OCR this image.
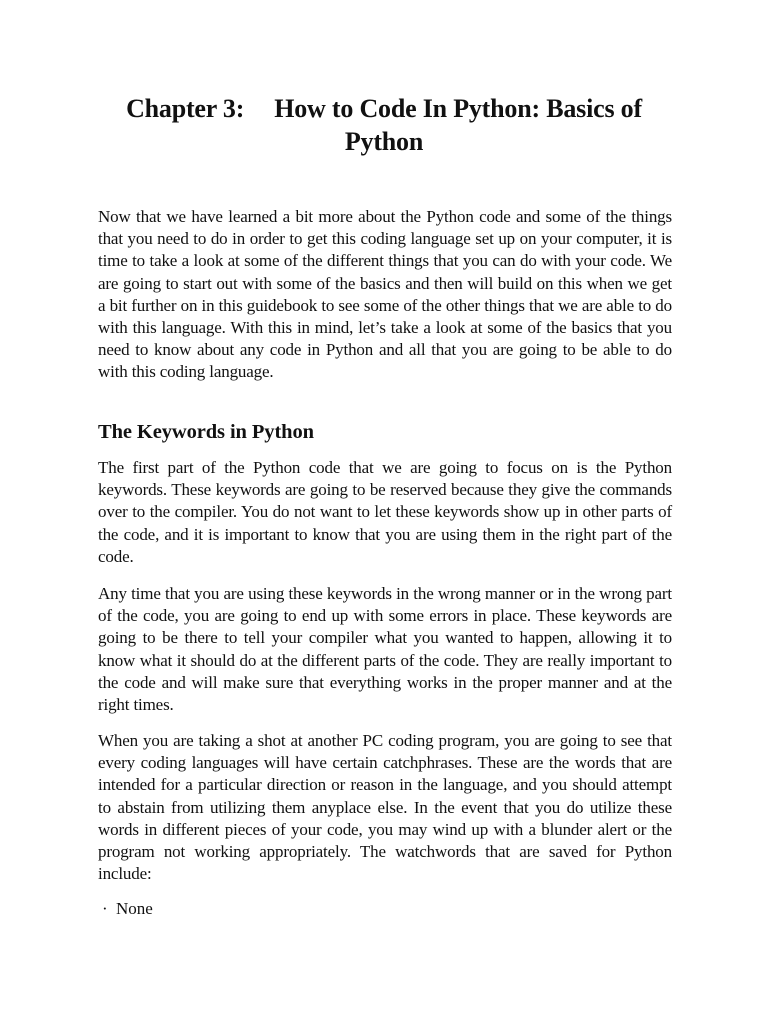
Chapter 3: How to Code In Python: Basics of
Python

Now that we have learned a bit more about the Python code and some of the things that you need to do in order to get this coding language set up on your computer, it is time to take a look at some of the different things that you can do with your code. We are going to start out with some of the basics and then will build on this when we get a bit further on in this guidebook to see some of the other things that we are able to do with this language. With this in mind, let’s take a look at some of the basics that you need to know about any code in Python and all that you are going to be able to do with this coding language.

The Keywords in Python

The first part of the Python code that we are going to focus on is the Python keywords. These keywords are going to be reserved because they give the commands over to the compiler. You do not want to let these keywords show up in other parts of the code, and it is important to know that you are using them in the right part of the code.

Any time that you are using these keywords in the wrong manner or in the wrong part of the code, you are going to end up with some errors in place. These keywords are going to be there to tell your compiler what you wanted to happen, allowing it to know what it should do at the different parts of the code. They are really important to the code and will make sure that everything works in the proper manner and at the right times.

When you are taking a shot at another PC coding program, you are going to see that every coding languages will have certain catchphrases. These are the words that are intended for a particular direction or reason in the language, and you should attempt to abstain from utilizing them anyplace else. In the event that you do utilize these words in different pieces of your code, you may wind up with a blunder alert or the program not working appropriately. The watchwords that are saved for Python include:

· None
